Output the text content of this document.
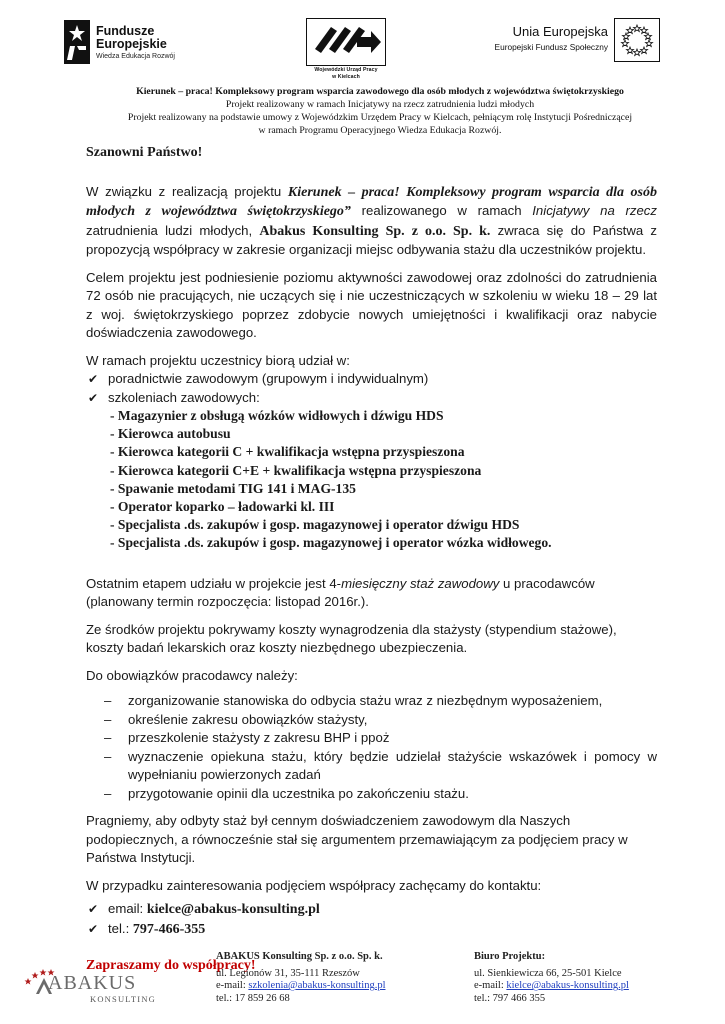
Fundusze
Europejskie
Wiedza Edukacja Rozwój
Wojewódzki Urząd Pracy
w Kielcach
Unia Europejska
Europejski Fundusz Społeczny
Kierunek – praca! Kompleksowy program wsparcia zawodowego dla osób młodych z województwa świętokrzyskiego
Projekt realizowany w ramach Inicjatywy na rzecz zatrudnienia ludzi młodych
Projekt realizowany na podstawie umowy z Wojewódzkim Urzędem Pracy w Kielcach, pełniącym rolę Instytucji Pośredniczącej
w ramach Programu Operacyjnego Wiedza Edukacja Rozwój.

Szanowni Państwo!

W związku z realizacją projektu Kierunek – praca! Kompleksowy program wsparcia dla osób młodych z województwa świętokrzyskiego” realizowanego w ramach Inicjatywy na rzecz zatrudnienia ludzi młodych, Abakus Konsulting Sp. z o.o. Sp. k. zwraca się do Państwa z propozycją współpracy w zakresie organizacji miejsc odbywania stażu dla uczestników projektu.

Celem projektu jest podniesienie poziomu aktywności zawodowej oraz zdolności do zatrudnienia 72 osób nie pracujących, nie uczących się i nie uczestniczących w szkoleniu w wieku 18 – 29 lat z woj. świętokrzyskiego poprzez zdobycie nowych umiejętności i kwalifikacji oraz nabycie doświadczenia zawodowego.

W ramach projektu uczestnicy biorą udział w:

✔ poradnictwie zawodowym (grupowym i indywidualnym)
✔ szkoleniach zawodowych:
- Magazynier z obsługą wózków widłowych i dźwigu HDS
- Kierowca autobusu
- Kierowca kategorii C + kwalifikacja wstępna przyspieszona
- Kierowca kategorii C+E + kwalifikacja wstępna przyspieszona
- Spawanie metodami TIG 141 i MAG-135
- Operator koparko – ładowarki kl. III
- Specjalista .ds. zakupów i gosp. magazynowej i operator dźwigu HDS
- Specjalista .ds. zakupów i gosp. magazynowej i operator wózka widłowego.

Ostatnim etapem udziału w projekcie jest 4-miesięczny staż zawodowy u pracodawców (planowany termin rozpoczęcia: listopad 2016r.).

Ze środków projektu pokrywamy koszty wynagrodzenia dla stażysty (stypendium stażowe), koszty badań lekarskich oraz koszty niezbędnego ubezpieczenia.

Do obowiązków pracodawcy należy:

– zorganizowanie stanowiska do odbycia stażu wraz z niezbędnym wyposażeniem,
– określenie zakresu obowiązków stażysty,
– przeszkolenie stażysty z zakresu BHP i ppoż
– wyznaczenie opiekuna stażu, który będzie udzielał stażyście wskazówek i pomocy w wypełnianiu powierzonych zadań
– przygotowanie opinii dla uczestnika po zakończeniu stażu.

Pragniemy, aby odbyty staż był cennym doświadczeniem zawodowym dla Naszych podopiecznych, a równocześnie stał się argumentem przemawiającym za podjęciem pracy w Państwa Instytucji.

W przypadku zainteresowania podjęciem współpracy zachęcamy do kontaktu:

✔ email: kielce@abakus-konsulting.pl
✔ tel.: 797-466-355

Zapraszamy do współpracy!

ABAKUS
KONSULTING
ABAKUS Konsulting Sp. z o.o. Sp. k.
ul. Legionów 31, 35-111 Rzeszów
e-mail: szkolenia@abakus-konsulting.pl
tel.: 17 859 26 68
Biuro Projektu:
ul. Sienkiewicza 66, 25-501 Kielce
e-mail: kielce@abakus-konsulting.pl
tel.: 797 466 355
